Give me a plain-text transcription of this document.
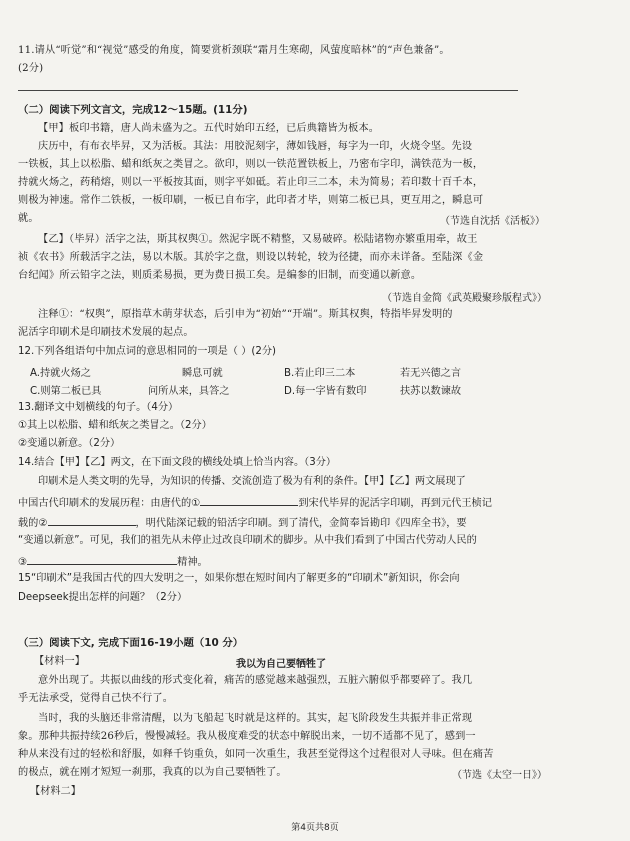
11.请从“听觉”和“视觉”感受的角度，简要赏析颈联“霜月生寒砌，风萤度暗林”的“声色兼备”。
(2分)
（二）阅读下列文言文，完成12～15题。(11分)
【甲】板印书籍，唐人尚未盛为之。五代时始印五经，已后典籍皆为板本。
庆历中，有布衣毕昇，又为活板。其法：用胶泥刻字，薄如钱唇，每字为一印，火烧令坚。先设
一铁板，其上以松脂、蜡和纸灰之类冒之。欲印，则以一铁范置铁板上，乃密布字印，满铁范为一板，
持就火炀之，药稍熔，则以一平板按其面，则字平如砥。若止印三二本，未为简易；若印数十百千本，
则极为神速。常作二铁板，一板印刷，一板已自布字，此印者才毕，则第二板已具，更互用之，瞬息可
就。	（节选自沈括《活板》）
【乙】（毕昇）活字之法，斯其权舆①。然泥字既不精整，又易破碎。松陆诸物亦繁重用牵，故王
祯《农书》所载活字之法，易以木版。其於字之盘，则设以转轮，较为径捷，而亦未详备。至陆深《金
台纪闻》所云铅字之法，则质柔易损，更为费日损工矣。是编参的旧制，而变通以新意。
（节选自金简《武英殿聚珍版程式》）
注释①：“权舆”，原指草木萌芽状态，后引申为“初始”“开端”。斯其权舆，特指毕昇发明的
泥活字印刷术是印刷技术发展的起点。
12.下列各组语句中加点词的意思相同的一项是（ ）(2分)
A.持就火炀之	瞬息可就	B.若止印三二本	若无兴德之言
C.则第二板已具	问所从来，具答之	D.每一字皆有数印	扶苏以数谏故
13.翻译文中划横线的句子。（4分）
①其上以松脂、蜡和纸灰之类冒之。（2分）
②变通以新意。（2分）
14.结合【甲】【乙】两文，在下面文段的横线处填上恰当内容。（3分）
印刷术是人类文明的先导，为知识的传播、交流创造了极为有利的条件。【甲】【乙】两文展现了
中国古代印刷术的发展历程：由唐代的①	到宋代毕昇的泥活字印刷，再到元代王桢记
载的②	，明代陆深记载的铅活字印刷。到了清代，金简奉旨勘印《四库全书》，要
“变通以新意”。可见，我们的祖先从未停止过改良印刷术的脚步。从中我们看到了中国古代劳动人民的
③	精神。
15“印刷术”是我国古代的四大发明之一，如果你想在短时间内了解更多的“印刷术”新知识，你会向
Deepseek提出怎样的问题？（2分）
（三）阅读下文, 完成下面16-19小题（10 分）
【材料一】	我以为自己要牺牲了
意外出现了。共振以曲线的形式变化着，痛苦的感觉越来越强烈，五脏六腑似乎都要碎了。我几
乎无法承受，觉得自己快不行了。
当时，我的头脑还非常清醒，以为飞船起飞时就是这样的。其实，起飞阶段发生共振并非正常现
象。那种共振持续26秒后，慢慢减轻。我从极度难受的状态中解脱出来，一切不适都不见了，感到一
种从来没有过的轻松和舒服，如释千钧重负，如同一次重生，我甚至觉得这个过程很对人寻味。但在痛苦
的极点，就在刚才短短一刹那，我真的以为自己要牺牲了。	（节选《太空一日》）
【材料二】
第4页共8页
